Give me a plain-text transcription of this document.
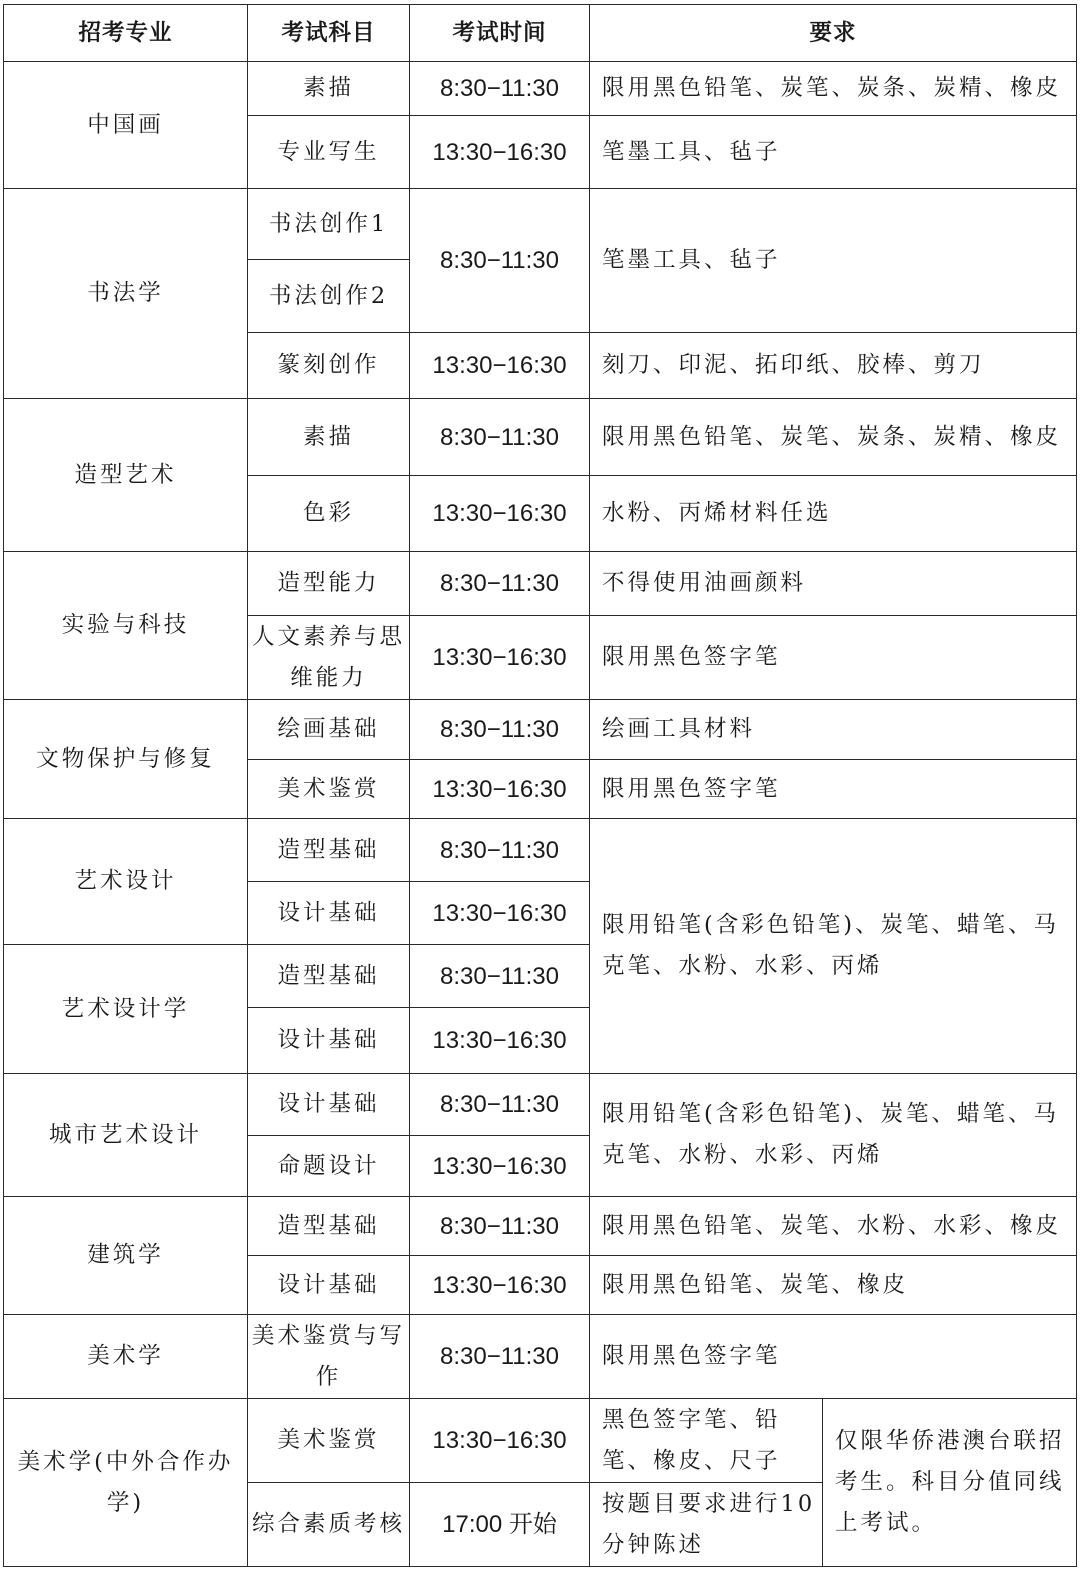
招考专业	考试科目	考试时间	要求	
中国画	素描	8:30−11:30	限用黑色铅笔、炭笔、炭条、炭精、橡皮	
	专业写生	13:30−16:30	笔墨工具、毡子	
书法学	书法创作1	8:30−11:30	笔墨工具、毡子	
	书法创作2			
	篆刻创作	13:30−16:30	刻刀、印泥、拓印纸、胶棒、剪刀	
造型艺术	素描	8:30−11:30	限用黑色铅笔、炭笔、炭条、炭精、橡皮	
	色彩	13:30−16:30	水粉、丙烯材料任选	
实验与科技	造型能力	8:30−11:30	不得使用油画颜料	
	人文素养与思维能力	13:30−16:30	限用黑色签字笔	
文物保护与修复	绘画基础	8:30−11:30	绘画工具材料	
	美术鉴赏	13:30−16:30	限用黑色签字笔	
艺术设计	造型基础	8:30−11:30	限用铅笔(含彩色铅笔)、炭笔、蜡笔、马克笔、水粉、水彩、丙烯	
	设计基础	13:30−16:30		
艺术设计学	造型基础	8:30−11:30		
	设计基础	13:30−16:30		
城市艺术设计	设计基础	8:30−11:30	限用铅笔(含彩色铅笔)、炭笔、蜡笔、马克笔、水粉、水彩、丙烯	
	命题设计	13:30−16:30		
建筑学	造型基础	8:30−11:30	限用黑色铅笔、炭笔、水粉、水彩、橡皮	
	设计基础	13:30−16:30	限用黑色铅笔、炭笔、橡皮	
美术学	美术鉴赏与写作	8:30−11:30	限用黑色签字笔	
美术学(中外合作办学)	美术鉴赏	13:30−16:30	黑色签字笔、铅笔、橡皮、尺子	仅限华侨港澳台联招考生。科目分值同线上考试。
	综合素质考核	17:00 开始	按题目要求进行10分钟陈述	
